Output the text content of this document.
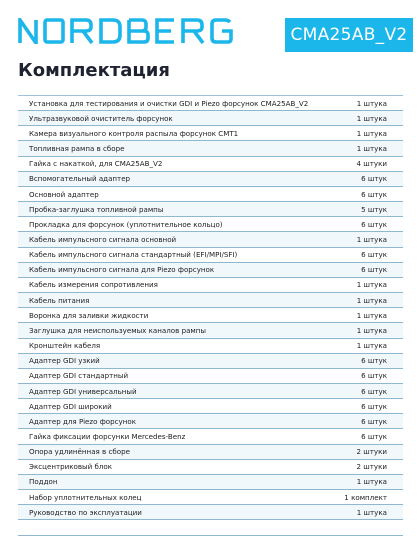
CMA25AB_V2
Комплектация
Установка для тестирования и очистки GDI и Piezo форсунок CMA25AB_V2	1 штука
Ультразвуковой очиститель форсунок	1 штука
Камера визуального контроля распыла форсунок CMT1	1 штука
Топливная рампа в сборе	1 штука
Гайка с накаткой, для CMA25AB_V2	4 штуки
Вспомогательный адаптер	6 штук
Основной адаптер	6 штук
Пробка-заглушка топливной рампы	5 штук
Прокладка для форсунок (уплотнительное кольцо)	6 штук
Кабель импульсного сигнала основной	1 штука
Кабель импульсного сигнала стандартный (EFI/MPI/SFI)	6 штук
Кабель импульсного сигнала для Piezo форсунок	6 штук
Кабель измерения сопротивления	1 штука
Кабель питания	1 штука
Воронка для заливки жидкости	1 штука
Заглушка для неиспользуемых каналов рампы	1 штука
Кронштейн кабеля	1 штука
Адаптер GDI узкий	6 штук
Адаптер GDI стандартный	6 штук
Адаптер GDI универсальный	6 штук
Адаптер GDI широкий	6 штук
Адаптер для Piezo форсунок	6 штук
Гайка фиксации форсунки Mercedes-Benz	6 штук
Опора удлинённая в сборе	2 штуки
Эксцентриковый блок	2 штуки
Поддон	1 штука
Набор уплотнительных колец	1 комплект
Руководство по эксплуатации	1 штука
